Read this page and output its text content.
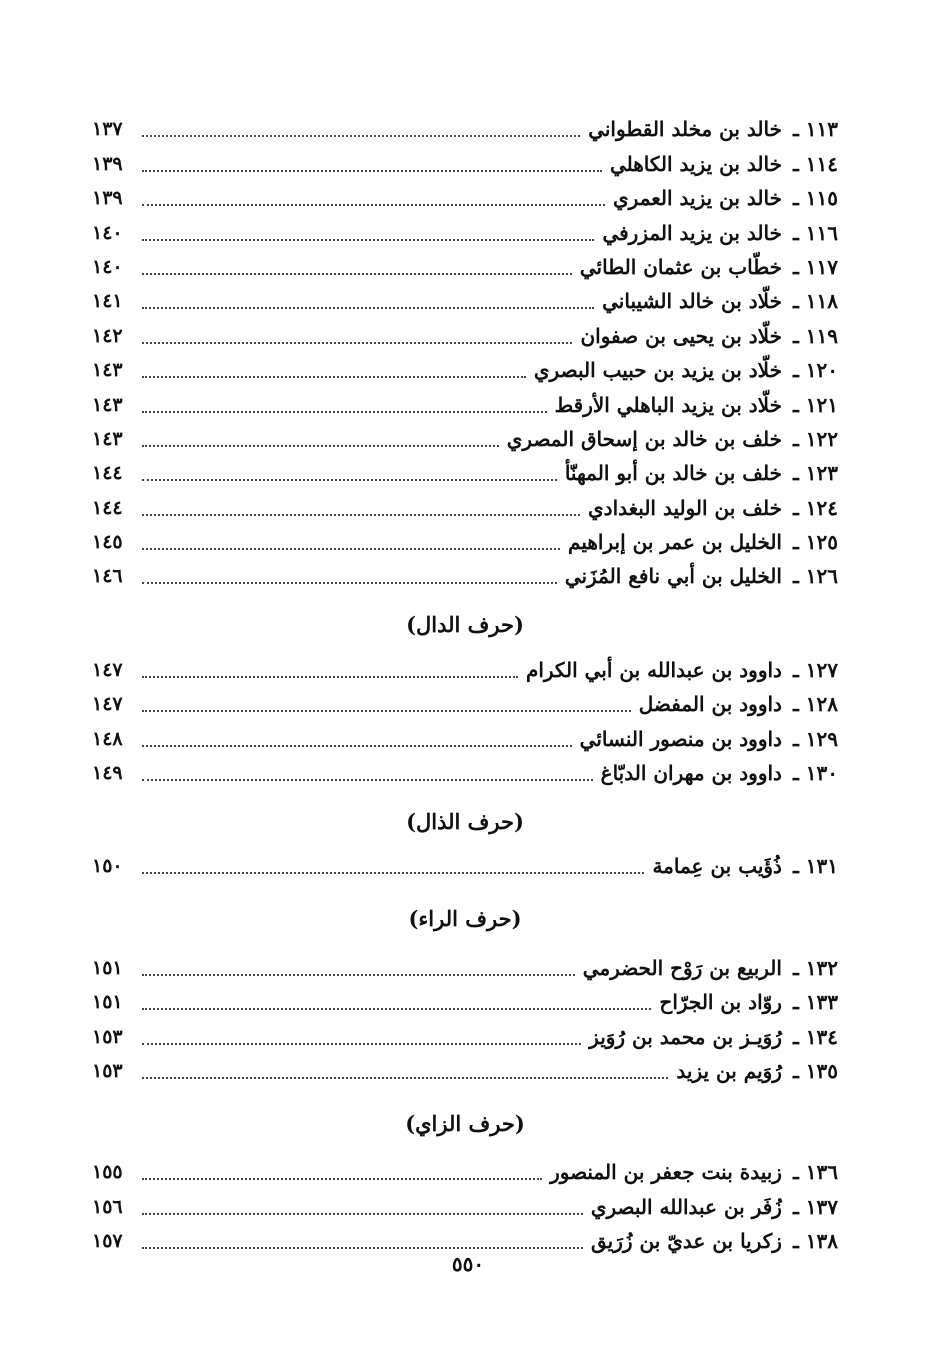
١١٣ ـ خالد بن مخلد القطواني
١٣٧
١١٤ ـ خالد بن يزيد الكاهلي
١٣٩
١١٥ ـ خالد بن يزيد العمري
١٣٩
١١٦ ـ خالد بن يزيد المزرفي
١٤٠
١١٧ ـ خطّاب بن عثمان الطائي
١٤٠
١١٨ ـ خلّاد بن خالد الشيباني
١٤١
١١٩ ـ خلّاد بن يحيى بن صفوان
١٤٢
١٢٠ ـ خلّاد بن يزيد بن حبيب البصري
١٤٣
١٢١ ـ خلّاد بن يزيد الباهلي الأرقط
١٤٣
١٢٢ ـ خلف بن خالد بن إسحاق المصري
١٤٣
١٢٣ ـ خلف بن خالد بن أبو المهنّأ
١٤٤
١٢٤ ـ خلف بن الوليد البغدادي
١٤٤
١٢٥ ـ الخليل بن عمر بن إبراهيم
١٤٥
١٢٦ ـ الخليل بن أبي نافع المُزَني
١٤٦
(حرف الدال)
١٢٧ ـ داوود بن عبدالله بن أبي الكرام
١٤٧
١٢٨ ـ داوود بن المفضل
١٤٧
١٢٩ ـ داوود بن منصور النسائي
١٤٨
١٣٠ ـ داوود بن مهران الدبّاغ
١٤٩
(حرف الذال)
١٣١ ـ ذُؤَيب بن عِمامة
١٥٠
(حرف الراء)
١٣٢ ـ الربيع بن رَوْح الحضرمي
١٥١
١٣٣ ـ روّاد بن الجرّاح
١٥١
١٣٤ ـ رُوَيـز بن محمد بن رُوَيز
١٥٣
١٣٥ ـ رُوَيم بن يزيد
١٥٣
(حرف الزاي)
١٣٦ ـ زبيدة بنت جعفر بن المنصور
١٥٥
١٣٧ ـ زُفَر بن عبدالله البصري
١٥٦
١٣٨ ـ زكريا بن عديّ بن زُرَيق
١٥٧
٥٥٠
